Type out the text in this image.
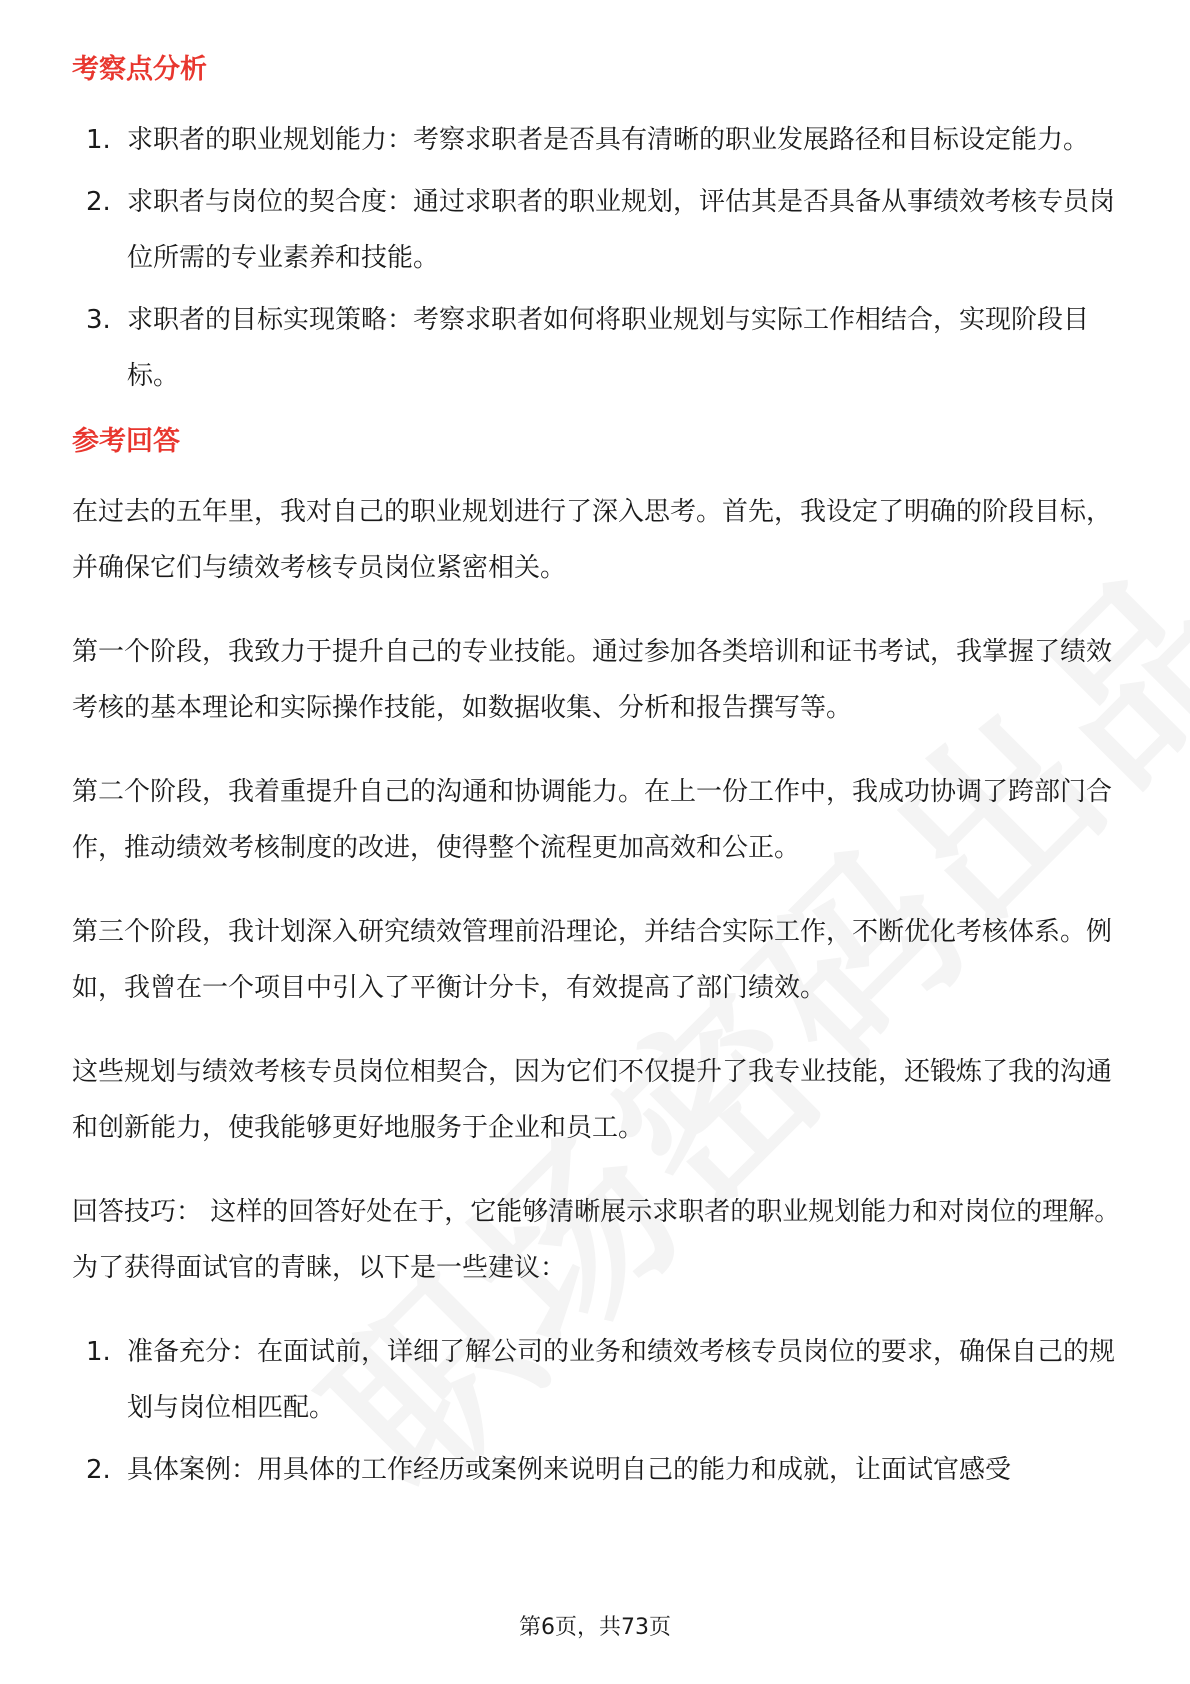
考察点分析
1. 求职者的职业规划能力：考察求职者是否具有清晰的职业发展路径和目标设定能力。
2. 求职者与岗位的契合度：通过求职者的职业规划，评估其是否具备从事绩效考核专员岗位所需的专业素养和技能。
3. 求职者的目标实现策略：考察求职者如何将职业规划与实际工作相结合，实现阶段目标。
参考回答

在过去的五年里，我对自己的职业规划进行了深入思考。首先，我设定了明确的阶段目标，并确保它们与绩效考核专员岗位紧密相关。

第一个阶段，我致力于提升自己的专业技能。通过参加各类培训和证书考试，我掌握了绩效考核的基本理论和实际操作技能，如数据收集、分析和报告撰写等。

第二个阶段，我着重提升自己的沟通和协调能力。在上一份工作中，我成功协调了跨部门合作，推动绩效考核制度的改进，使得整个流程更加高效和公正。

第三个阶段，我计划深入研究绩效管理前沿理论，并结合实际工作，不断优化考核体系。例如，我曾在一个项目中引入了平衡计分卡，有效提高了部门绩效。

这些规划与绩效考核专员岗位相契合，因为它们不仅提升了我专业技能，还锻炼了我的沟通和创新能力，使我能够更好地服务于企业和员工。

回答技巧： 这样的回答好处在于，它能够清晰展示求职者的职业规划能力和对岗位的理解。为了获得面试官的青睐，以下是一些建议：

1. 准备充分：在面试前，详细了解公司的业务和绩效考核专员岗位的要求，确保自己的规划与岗位相匹配。
2. 具体案例：用具体的工作经历或案例来说明自己的能力和成就，让面试官感受
第6页，共73页
